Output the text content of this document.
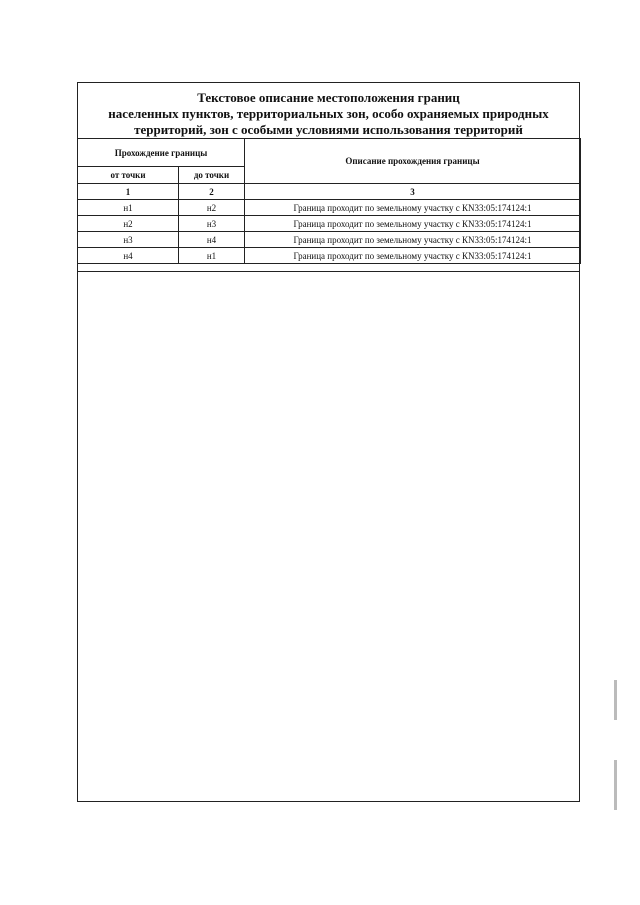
Текстовое описание местоположения границ
населенных пунктов, территориальных зон, особо охраняемых природных
территорий, зон с особыми условиями использования территорий
Прохождение границы		Описание прохождения границы
от точки	до точки	
1	2	3
н1	н2	Граница проходит по земельному участку с КN33:05:174124:1
н2	н3	Граница проходит по земельному участку с КN33:05:174124:1
н3	н4	Граница проходит по земельному участку с КN33:05:174124:1
н4	н1	Граница проходит по земельному участку с КN33:05:174124:1
